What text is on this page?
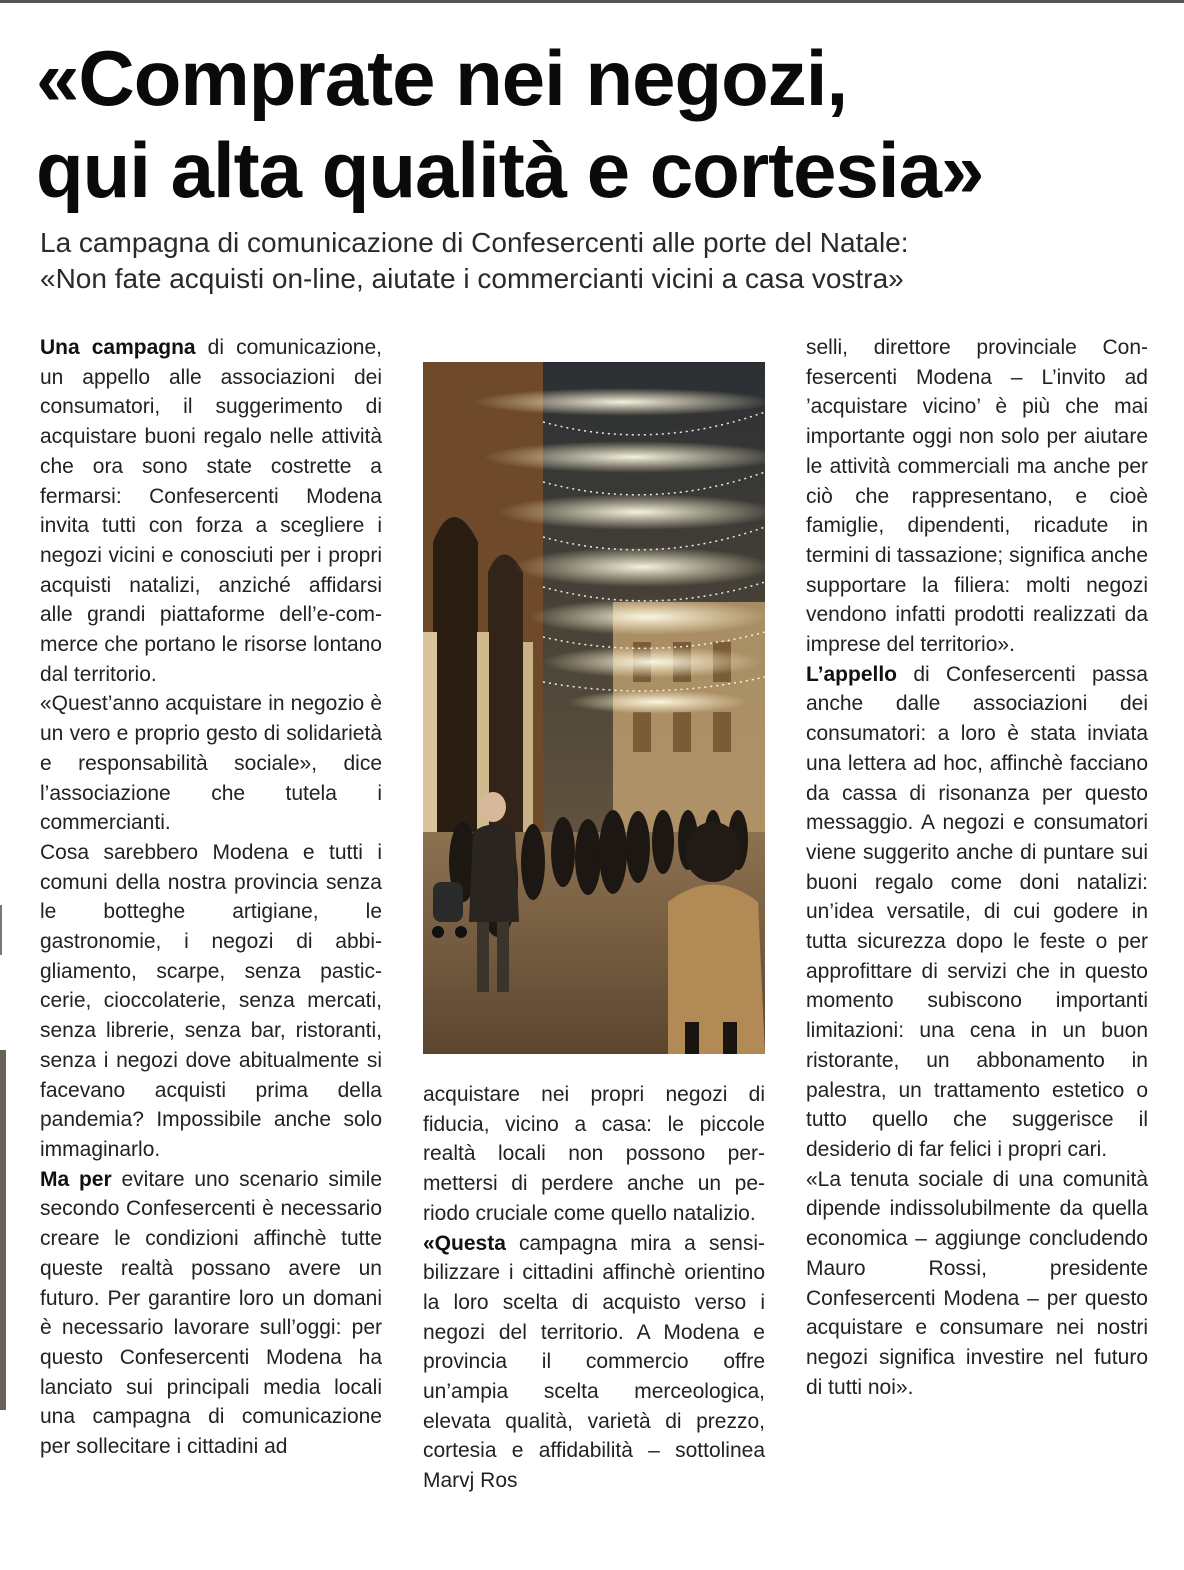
«Comprate nei negozi,
qui alta qualità e cortesia»
La campagna di comunicazione di Confesercenti alle porte del Natale:
«Non fate acquisti on-line, aiutate i commercianti vicini a casa vostra»

Una campagna di comunicazione, un appello alle associazioni dei consumatori, il suggerimento di acquistare buoni regalo nelle attività che ora sono state costrette a fermarsi: Confesercenti Modena invita tutti con forza a scegliere i negozi vicini e conosciuti per i propri acquisti natalizi, anziché affidarsi alle grandi piattaforme dell’e-commerce che portano le risorse lontano dal territorio.

«Quest’anno acquistare in negozio è un vero e proprio gesto di solidarietà e responsabilità sociale», dice l’associazione che tutela i commercianti.

Cosa sarebbero Modena e tutti i comuni della nostra provincia senza le botteghe artigiane, le gastronomie, i negozi di abbigliamento, scarpe, senza pasticcerie, cioccolaterie, senza mercati, senza librerie, senza bar, ristoranti, senza i negozi dove abitualmente si facevano acquisti prima della pandemia? Impossibile anche solo immaginarlo.

Ma per evitare uno scenario simile secondo Confesercenti è necessario creare le condizioni affinchè tutte queste realtà possano avere un futuro. Per garantire loro un domani è necessario lavorare sull’oggi: per questo Confesercenti Modena ha lanciato sui principali media locali una campagna di comunicazione per sollecitare i cittadini ad

acquistare nei propri negozi di fiducia, vicino a casa: le piccole realtà locali non possono permettersi di perdere anche un periodo cruciale come quello natalizio.

«Questa campagna mira a sensibilizzare i cittadini affinchè orientino la loro scelta di acquisto verso i negozi del territorio. A Modena e provincia il commercio offre un’ampia scelta merceologica, elevata qualità, varietà di prezzo, cortesia e affidabilità – sottolinea Marvj Ros

selli, direttore provinciale Confesercenti Modena – L’invito ad ’acquistare vicino’ è più che mai importante oggi non solo per aiutare le attività commerciali ma anche per ciò che rappresentano, e cioè famiglie, dipendenti, ricadute in termini di tassazione; significa anche supportare la filiera: molti negozi vendono infatti prodotti realizzati da imprese del territorio».

L’appello di Confesercenti passa anche dalle associazioni dei consumatori: a loro è stata inviata una lettera ad hoc, affinchè facciano da cassa di risonanza per questo messaggio. A negozi e consumatori viene suggerito anche di puntare sui buoni regalo come doni natalizi: un’idea versatile, di cui godere in tutta sicurezza dopo le feste o per approfittare di servizi che in questo momento subiscono importanti limitazioni: una cena in un buon ristorante, un abbonamento in palestra, un trattamento estetico o tutto quello che suggerisce il desiderio di far felici i propri cari.

«La tenuta sociale di una comunità dipende indissolubilmente da quella economica – aggiunge concludendo Mauro Rossi, presidente Confesercenti Modena – per questo acquistare e consumare nei nostri negozi significa investire nel futuro di tutti noi».
